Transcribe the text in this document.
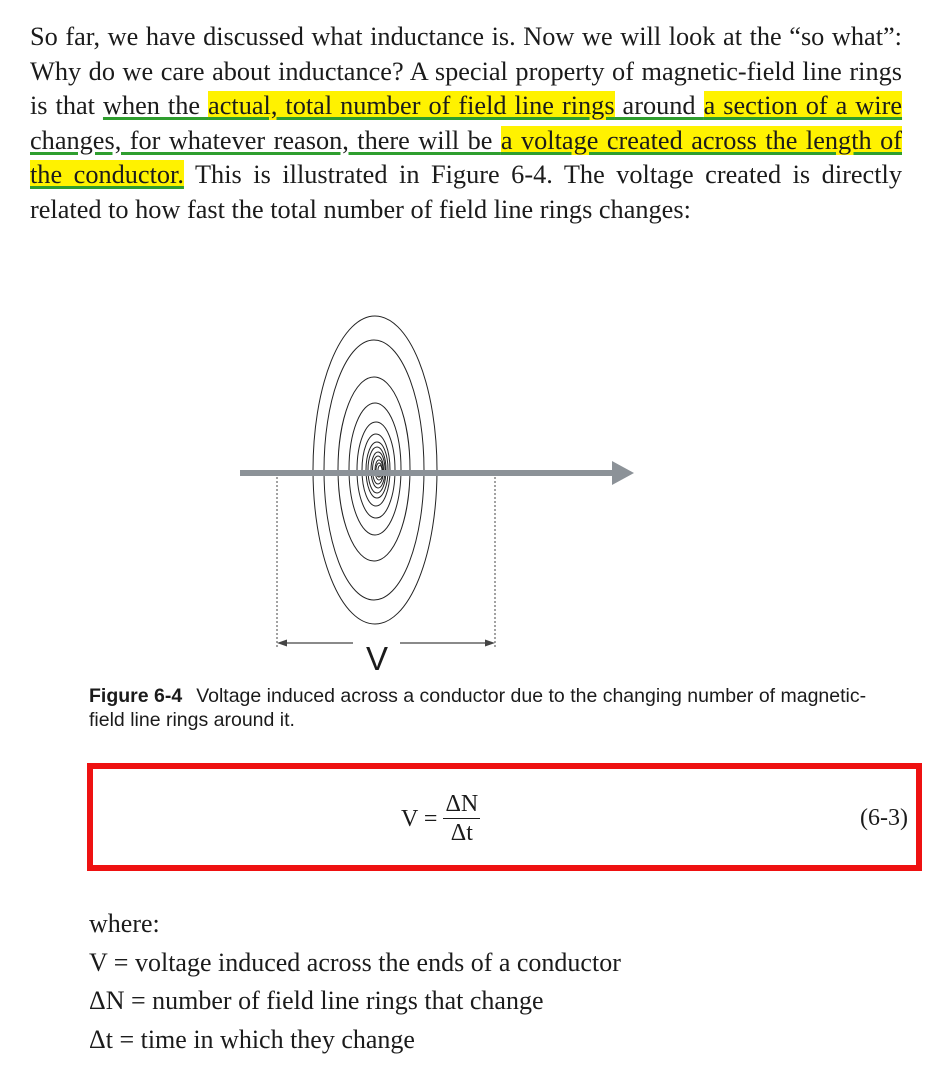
So far, we have discussed what inductance is. Now we will look at the “so what”: Why do we care about inductance? A special property of magnetic-field line rings is that when the actual, total number of field line rings around a section of a wire changes, for whatever reason, there will be a voltage created across the length of the conductor. This is illustrated in Figure 6-4. The voltage created is directly related to how fast the total number of field line rings changes:

V

Figure 6-4 Voltage induced across a conductor due to the changing number of magnetic-field line rings around it.

$V = \frac{\Delta N}{\Delta t}$	(6-3)
where:
V = voltage induced across the ends of a conductor
ΔN = number of field line rings that change
Δt = time in which they change
